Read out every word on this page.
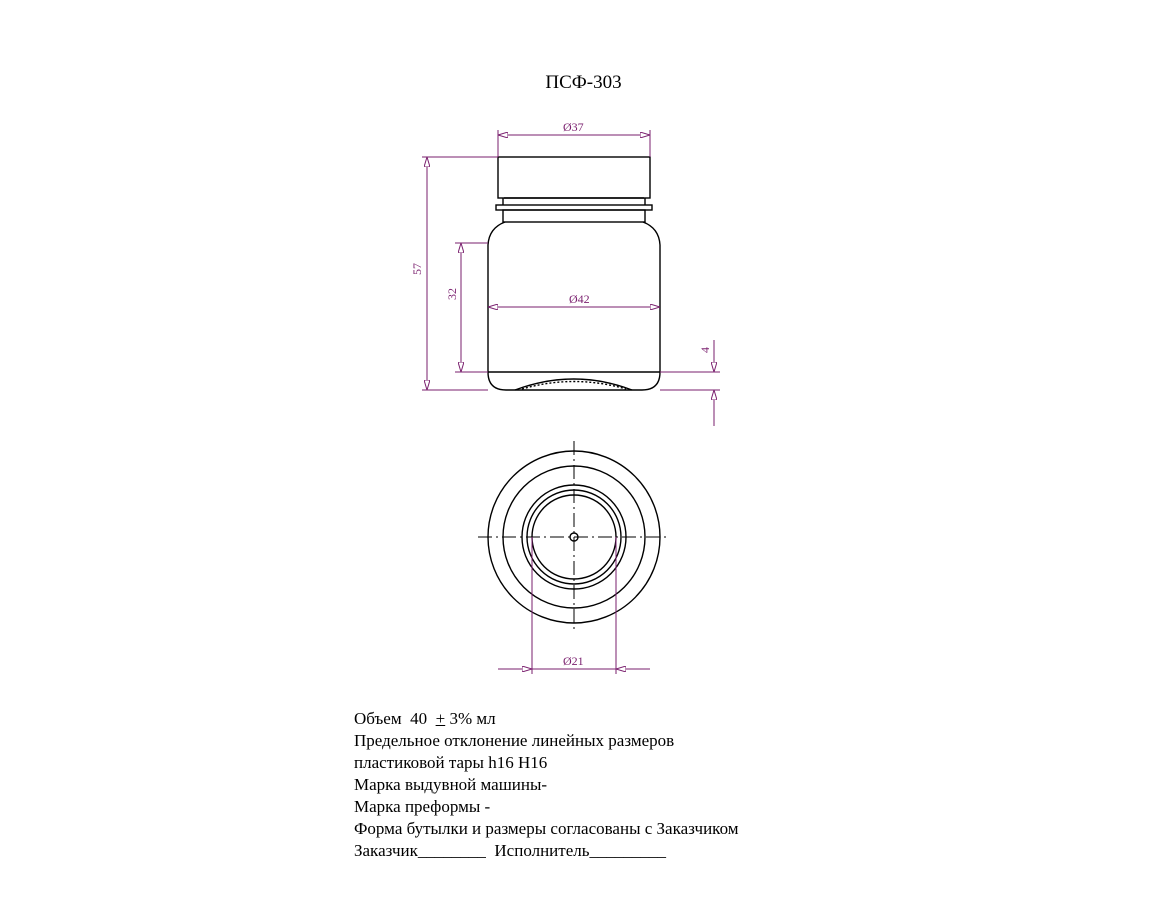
ПСФ-303
Ø37
Ø42
57
32
4
Ø21
Объем  40  + 3% мл
Предельное отклонение линейных размеров
пластиковой тары h16 H16
Марка выдувной машины-
Марка преформы -
Форма бутылки и размеры согласованы с Заказчиком
Заказчик________  Исполнитель_________
